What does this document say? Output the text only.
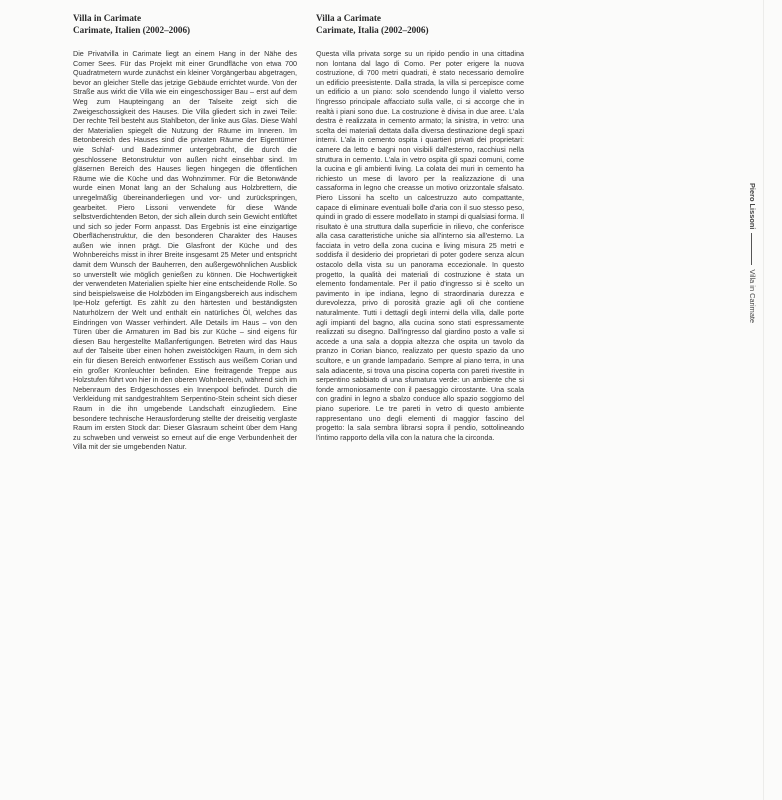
Villa in Carimate
Carimate, Italien (2002–2006)

Die Privatvilla in Carimate liegt an einem Hang in der Nähe des Comer Sees. Für das Projekt mit einer Grundfläche von etwa 700 Quadratmetern wurde zunächst ein kleiner Vorgängerbau abgetragen, bevor an gleicher Stelle das jetzige Gebäude errichtet wurde. Von der Straße aus wirkt die Villa wie ein eingeschossiger Bau – erst auf dem Weg zum Haupteingang an der Talseite zeigt sich die Zweigeschossigkeit des Hauses. Die Villa gliedert sich in zwei Teile: Der rechte Teil besteht aus Stahlbeton, der linke aus Glas. Diese Wahl der Materialien spiegelt die Nutzung der Räume im Inneren. Im Betonbereich des Hauses sind die privaten Räume der Eigentümer wie Schlaf- und Badezimmer untergebracht, die durch die geschlossene Betonstruktur von außen nicht einsehbar sind. Im gläsernen Bereich des Hauses liegen hingegen die öffentlichen Räume wie die Küche und das Wohnzimmer. Für die Betonwände wurde einen Monat lang an der Schalung aus Holzbrettern, die unregelmäßig übereinanderliegen und vor- und zurückspringen, gearbeitet. Piero Lissoni verwendete für diese Wände selbstverdichtenden Beton, der sich allein durch sein Gewicht entlüftet und sich so jeder Form anpasst. Das Ergebnis ist eine einzigartige Oberflächenstruktur, die den besonderen Charakter des Hauses außen wie innen prägt. Die Glasfront der Küche und des Wohnbereichs misst in ihrer Breite insgesamt 25 Meter und entspricht damit dem Wunsch der Bauherren, den außergewöhnlichen Ausblick so unverstellt wie möglich genießen zu können. Die Hochwertigkeit der verwendeten Materialien spielte hier eine entscheidende Rolle. So sind beispielsweise die Holzböden im Eingangsbereich aus indischem Ipe-Holz gefertigt. Es zählt zu den härtesten und beständigsten Naturhölzern der Welt und enthält ein natürliches Öl, welches das Eindringen von Wasser verhindert. Alle Details im Haus – von den Türen über die Armaturen im Bad bis zur Küche – sind eigens für diesen Bau hergestellte Maßanfertigungen. Betreten wird das Haus auf der Talseite über einen hohen zweistöckigen Raum, in dem sich ein für diesen Bereich entworfener Esstisch aus weißem Corian und ein großer Kronleuchter befinden. Eine freitragende Treppe aus Holzstufen führt von hier in den oberen Wohnbereich, während sich im Nebenraum des Erdgeschosses ein Innenpool befindet. Durch die Verkleidung mit sandgestrahltem Serpentino-Stein scheint sich dieser Raum in die ihn umgebende Landschaft einzugliedern. Eine besondere technische Herausforderung stellte der dreiseitig verglaste Raum im ersten Stock dar: Dieser Glasraum scheint über dem Hang zu schweben und verweist so erneut auf die enge Verbundenheit der Villa mit der sie umgebenden Natur.

Villa a Carimate
Carimate, Italia (2002–2006)

Questa villa privata sorge su un ripido pendio in una cittadina non lontana dal lago di Como. Per poter erigere la nuova costruzione, di 700 metri quadrati, è stato necessario demolire un edificio preesistente. Dalla strada, la villa si percepisce come un edificio a un piano: solo scendendo lungo il vialetto verso l'ingresso principale affacciato sulla valle, ci si accorge che in realtà i piani sono due. La costruzione è divisa in due aree. L'ala destra è realizzata in cemento armato; la sinistra, in vetro: una scelta dei materiali dettata dalla diversa destinazione degli spazi interni. L'ala in cemento ospita i quartieri privati dei proprietari: camere da letto e bagni non visibili dall'esterno, racchiusi nella struttura in cemento. L'ala in vetro ospita gli spazi comuni, come la cucina e gli ambienti living. La colata dei muri in cemento ha richiesto un mese di lavoro per la realizzazione di una cassaforma in legno che creasse un motivo orizzontale sfalsato. Piero Lissoni ha scelto un calcestruzzo auto compattante, capace di eliminare eventuali bolle d'aria con il suo stesso peso, quindi in grado di essere modellato in stampi di qualsiasi forma. Il risultato è una struttura dalla superficie in rilievo, che conferisce alla casa caratteristiche uniche sia all'interno sia all'esterno. La facciata in vetro della zona cucina e living misura 25 metri e soddisfa il desiderio dei proprietari di poter godere senza alcun ostacolo della vista su un panorama eccezionale. In questo progetto, la qualità dei materiali di costruzione è stata un elemento fondamentale. Per il patio d'ingresso si è scelto un pavimento in ipe indiana, legno di straordinaria durezza e durevolezza, privo di porosità grazie agli oli che contiene naturalmente. Tutti i dettagli degli interni della villa, dalle porte agli impianti del bagno, alla cucina sono stati espressamente realizzati su disegno. Dall'ingresso dal giardino posto a valle si accede a una sala a doppia altezza che ospita un tavolo da pranzo in Corian bianco, realizzato per questo spazio da uno scultore, e un grande lampadario. Sempre al piano terra, in una sala adiacente, si trova una piscina coperta con pareti rivestite in serpentino sabbiato di una sfumatura verde: un ambiente che si fonde armoniosamente con il paesaggio circostante. Una scala con gradini in legno a sbalzo conduce allo spazio soggiorno del piano superiore. Le tre pareti in vetro di questo ambiente rappresentano uno degli elementi di maggior fascino del progetto: la sala sembra librarsi sopra il pendio, sottolineando l'intimo rapporto della villa con la natura che la circonda.

Piero LissoniVilla in Carimate
